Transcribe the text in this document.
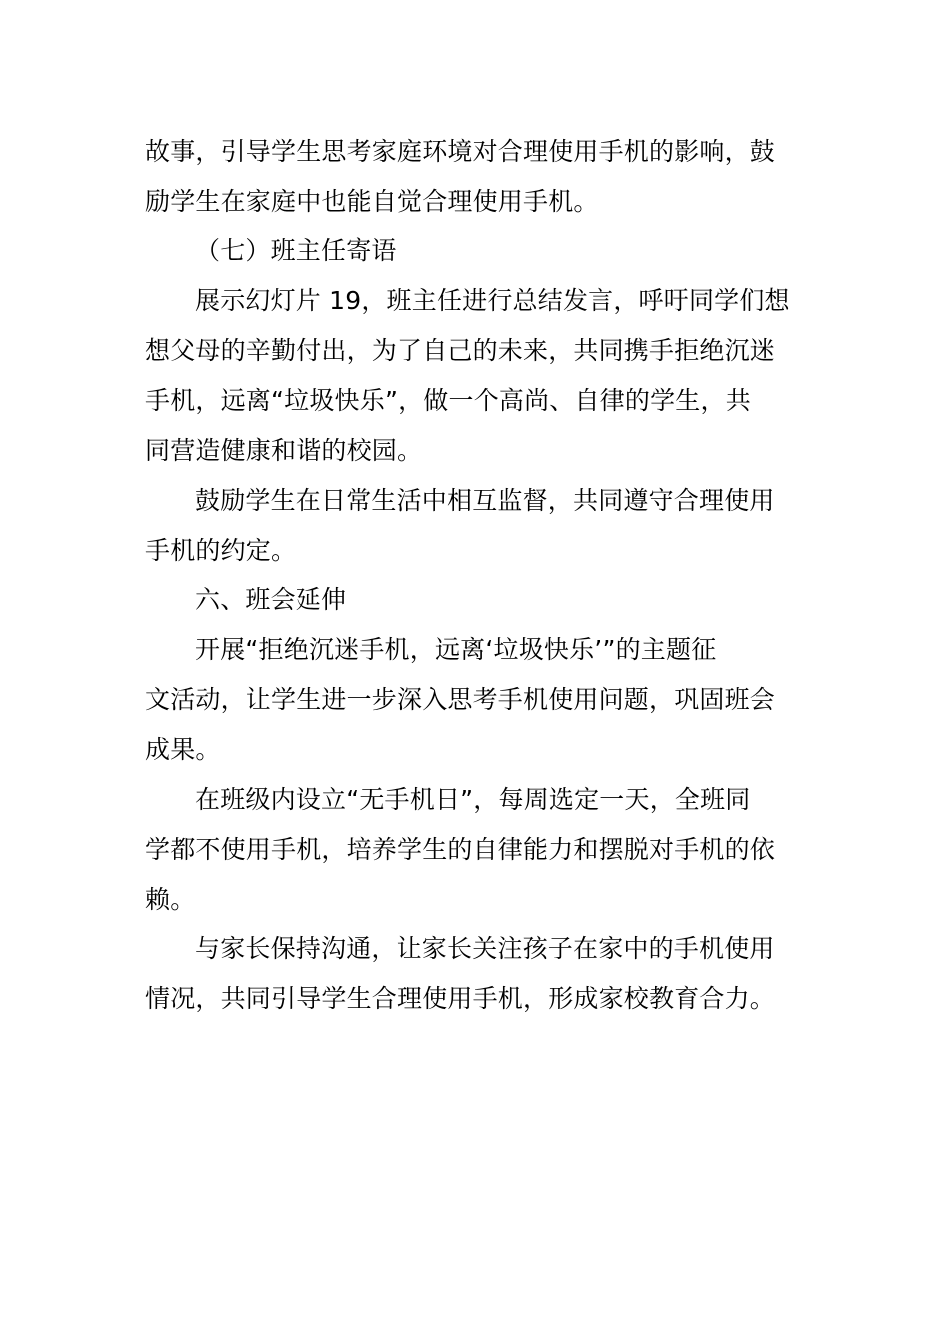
故事，引导学生思考家庭环境对合理使用手机的影响，鼓
励学生在家庭中也能自觉合理使用手机。
（七）班主任寄语
展示幻灯片 19，班主任进行总结发言，呼吁同学们想
想父母的辛勤付出，为了自己的未来，共同携手拒绝沉迷
手机，远离“垃圾快乐”，做一个高尚、自律的学生，共
同营造健康和谐的校园。
鼓励学生在日常生活中相互监督，共同遵守合理使用
手机的约定。
六、班会延伸
开展“拒绝沉迷手机，远离‘垃圾快乐’”的主题征
文活动，让学生进一步深入思考手机使用问题，巩固班会
成果。
在班级内设立“无手机日”，每周选定一天，全班同
学都不使用手机，培养学生的自律能力和摆脱对手机的依
赖。
与家长保持沟通，让家长关注孩子在家中的手机使用
情况，共同引导学生合理使用手机，形成家校教育合力。
